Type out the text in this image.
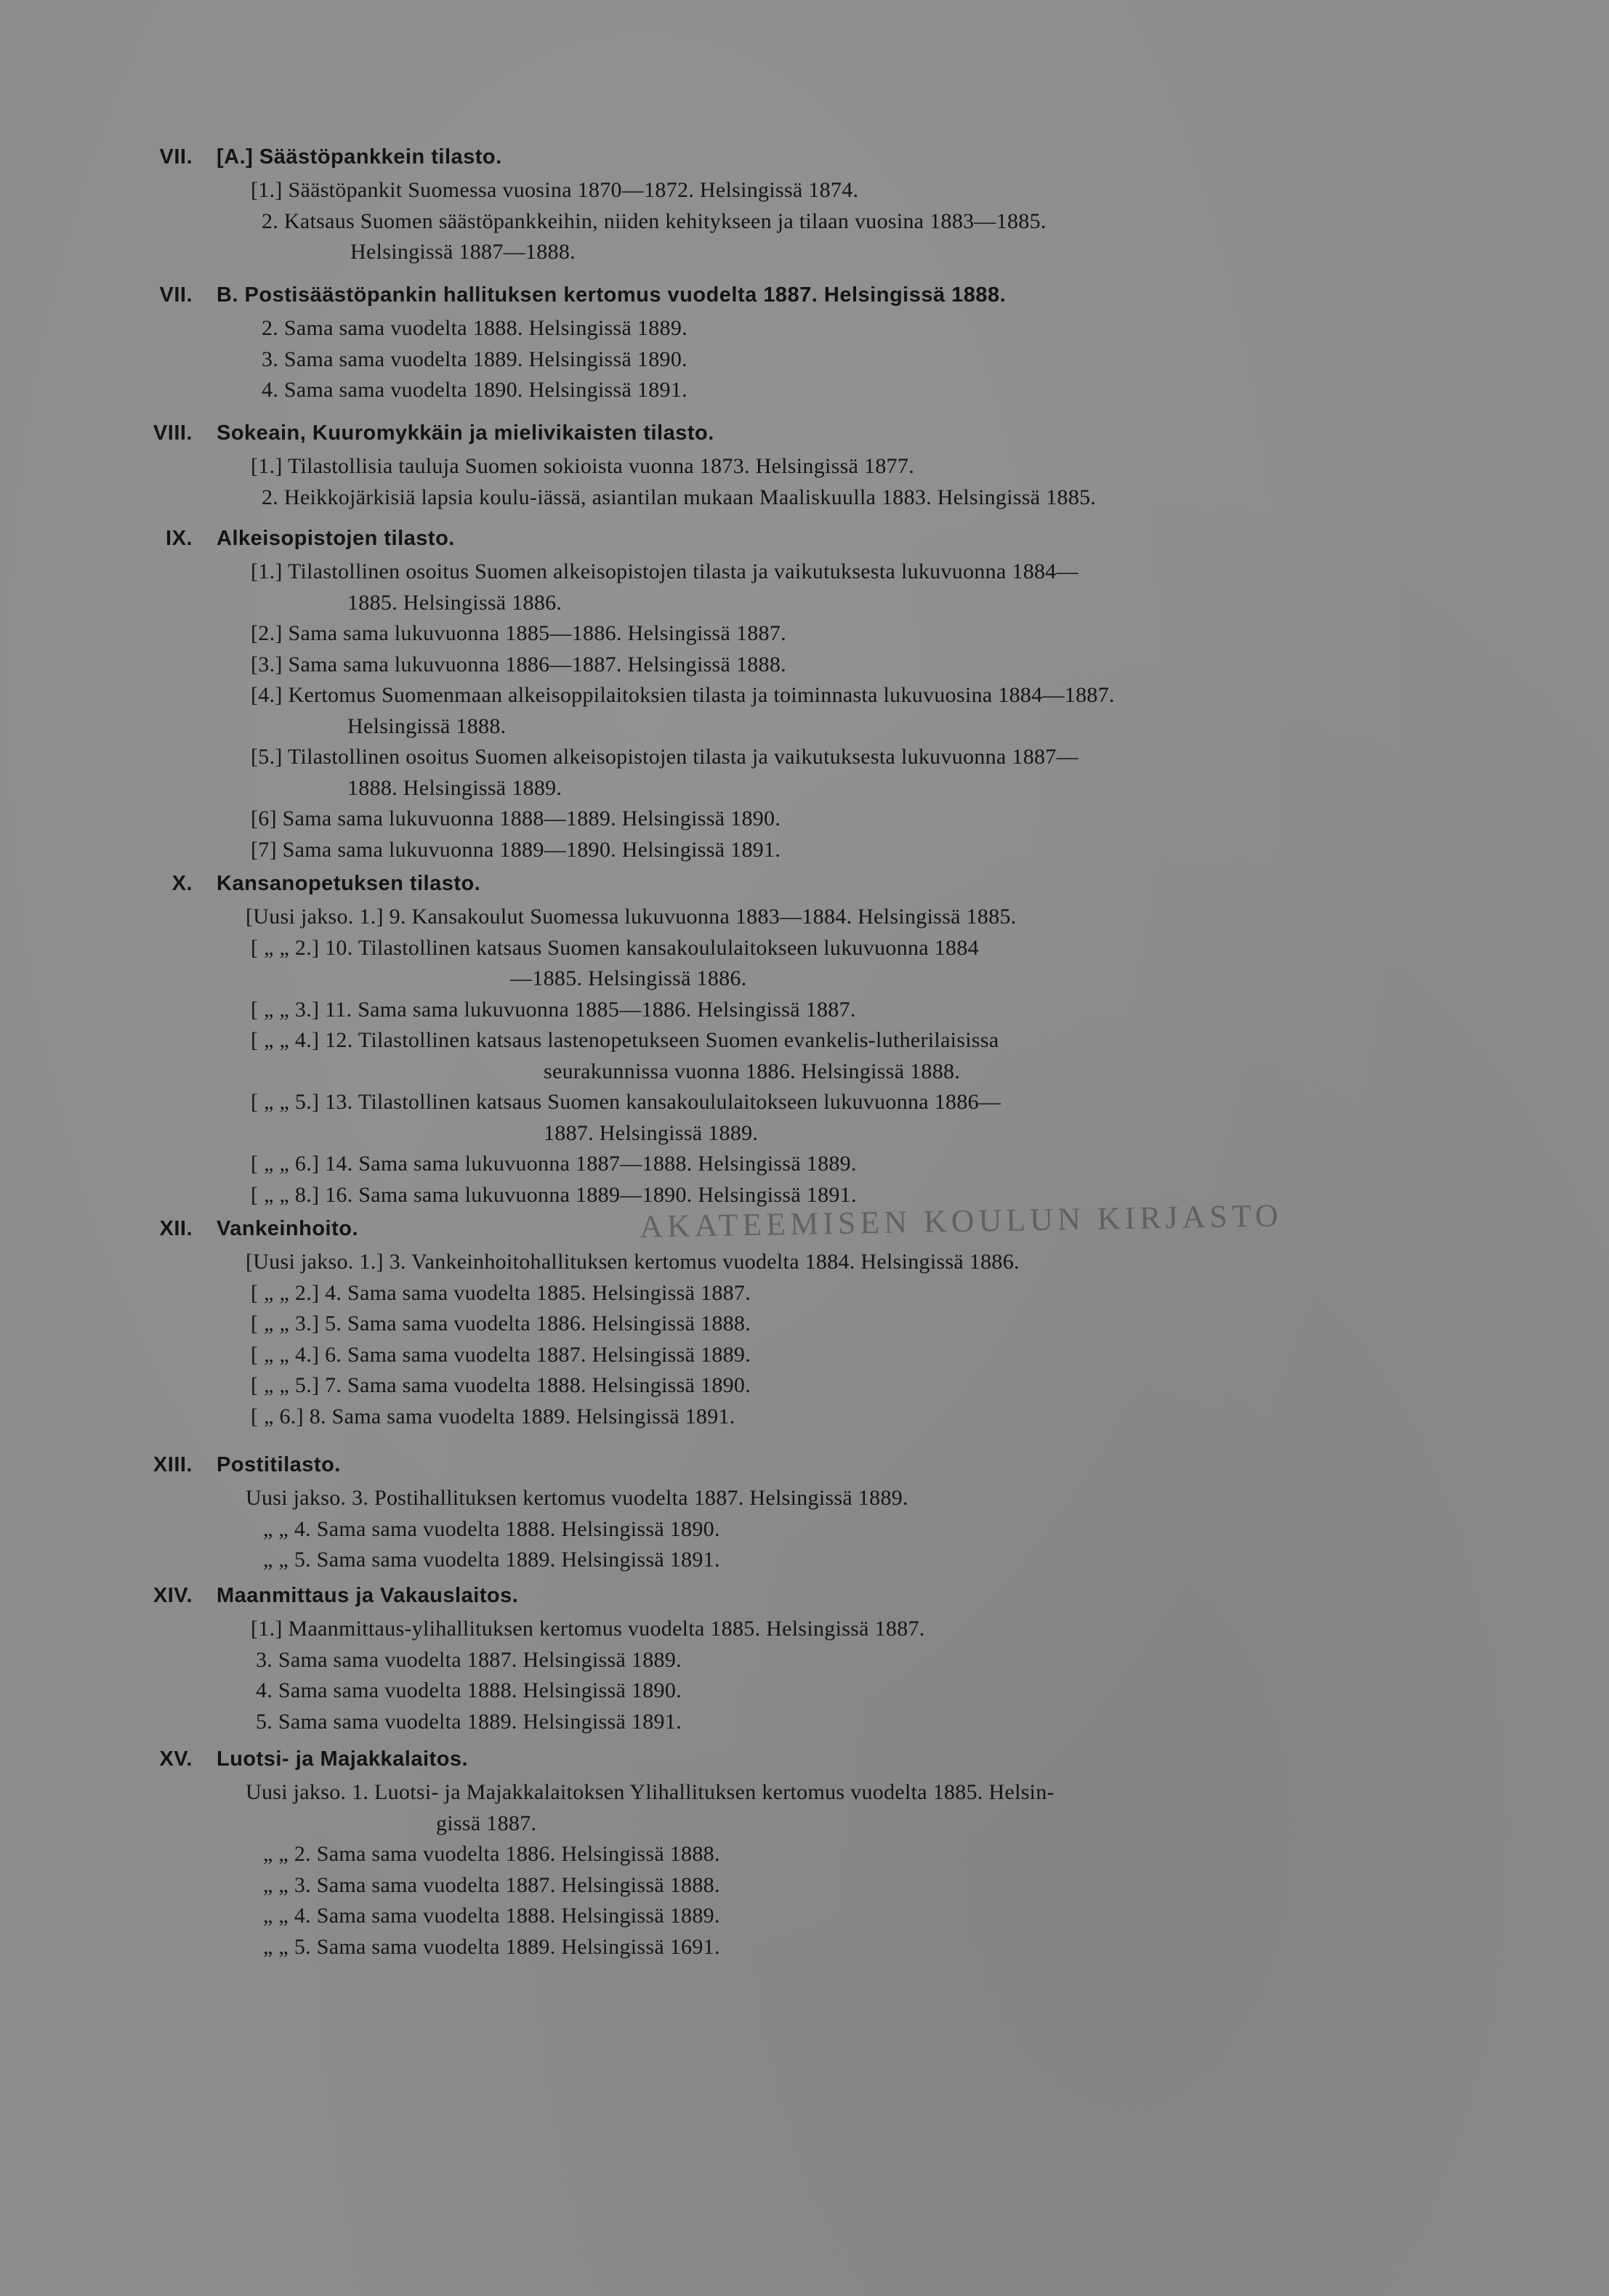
AKATEEMISEN KOULUN KIRJASTO
VII. [A.] Säästöpankkein tilasto.
[1.] Säästöpankit Suomessa vuosina 1870—1872. Helsingissä 1874.
2. Katsaus Suomen säästöpankkeihin, niiden kehitykseen ja tilaan vuosina 1883—1885.
Helsingissä 1887—1888.
VII. B. Postisäästöpankin hallituksen kertomus vuodelta 1887. Helsingissä 1888.
2. Sama sama vuodelta 1888. Helsingissä 1889.
3. Sama sama vuodelta 1889. Helsingissä 1890.
4. Sama sama vuodelta 1890. Helsingissä 1891.
VIII. Sokeain, Kuuromykkäin ja mielivikaisten tilasto.
[1.] Tilastollisia tauluja Suomen sokioista vuonna 1873. Helsingissä 1877.
2. Heikkojärkisiä lapsia koulu-iässä, asiantilan mukaan Maaliskuulla 1883. Helsingissä 1885.
IX. Alkeisopistojen tilasto.
[1.] Tilastollinen osoitus Suomen alkeisopistojen tilasta ja vaikutuksesta lukuvuonna 1884—
1885. Helsingissä 1886.
[2.] Sama sama lukuvuonna 1885—1886. Helsingissä 1887.
[3.] Sama sama lukuvuonna 1886—1887. Helsingissä 1888.
[4.] Kertomus Suomenmaan alkeisoppilaitoksien tilasta ja toiminnasta lukuvuosina 1884—1887.
Helsingissä 1888.
[5.] Tilastollinen osoitus Suomen alkeisopistojen tilasta ja vaikutuksesta lukuvuonna 1887—
1888. Helsingissä 1889.
[6] Sama sama lukuvuonna 1888—1889. Helsingissä 1890.
[7] Sama sama lukuvuonna 1889—1890. Helsingissä 1891.
X. Kansanopetuksen tilasto.
[Uusi jakso. 1.] 9. Kansakoulut Suomessa lukuvuonna 1883—1884. Helsingissä 1885.
[ „ „ 2.] 10. Tilastollinen katsaus Suomen kansakoululaitokseen lukuvuonna 1884
—1885. Helsingissä 1886.
[ „ „ 3.] 11. Sama sama lukuvuonna 1885—1886. Helsingissä 1887.
[ „ „ 4.] 12. Tilastollinen katsaus lastenopetukseen Suomen evankelis-lutherilaisissa
seurakunnissa vuonna 1886. Helsingissä 1888.
[ „ „ 5.] 13. Tilastollinen katsaus Suomen kansakoululaitokseen lukuvuonna 1886—
1887. Helsingissä 1889.
[ „ „ 6.] 14. Sama sama lukuvuonna 1887—1888. Helsingissä 1889.
[ „ „ 8.] 16. Sama sama lukuvuonna 1889—1890. Helsingissä 1891.
XII. Vankeinhoito.
[Uusi jakso. 1.] 3. Vankeinhoitohallituksen kertomus vuodelta 1884. Helsingissä 1886.
[ „ „ 2.] 4. Sama sama vuodelta 1885. Helsingissä 1887.
[ „ „ 3.] 5. Sama sama vuodelta 1886. Helsingissä 1888.
[ „ „ 4.] 6. Sama sama vuodelta 1887. Helsingissä 1889.
[ „ „ 5.] 7. Sama sama vuodelta 1888. Helsingissä 1890.
[ „ 6.] 8. Sama sama vuodelta 1889. Helsingissä 1891.
XIII. Postitilasto.
Uusi jakso. 3. Postihallituksen kertomus vuodelta 1887. Helsingissä 1889.
„ „ 4. Sama sama vuodelta 1888. Helsingissä 1890.
„ „ 5. Sama sama vuodelta 1889. Helsingissä 1891.
XIV. Maanmittaus ja Vakauslaitos.
[1.] Maanmittaus-ylihallituksen kertomus vuodelta 1885. Helsingissä 1887.
3. Sama sama vuodelta 1887. Helsingissä 1889.
4. Sama sama vuodelta 1888. Helsingissä 1890.
5. Sama sama vuodelta 1889. Helsingissä 1891.
XV. Luotsi- ja Majakkalaitos.
Uusi jakso. 1. Luotsi- ja Majakkalaitoksen Ylihallituksen kertomus vuodelta 1885. Helsin-
gissä 1887.
„ „ 2. Sama sama vuodelta 1886. Helsingissä 1888.
„ „ 3. Sama sama vuodelta 1887. Helsingissä 1888.
„ „ 4. Sama sama vuodelta 1888. Helsingissä 1889.
„ „ 5. Sama sama vuodelta 1889. Helsingissä 1691.
